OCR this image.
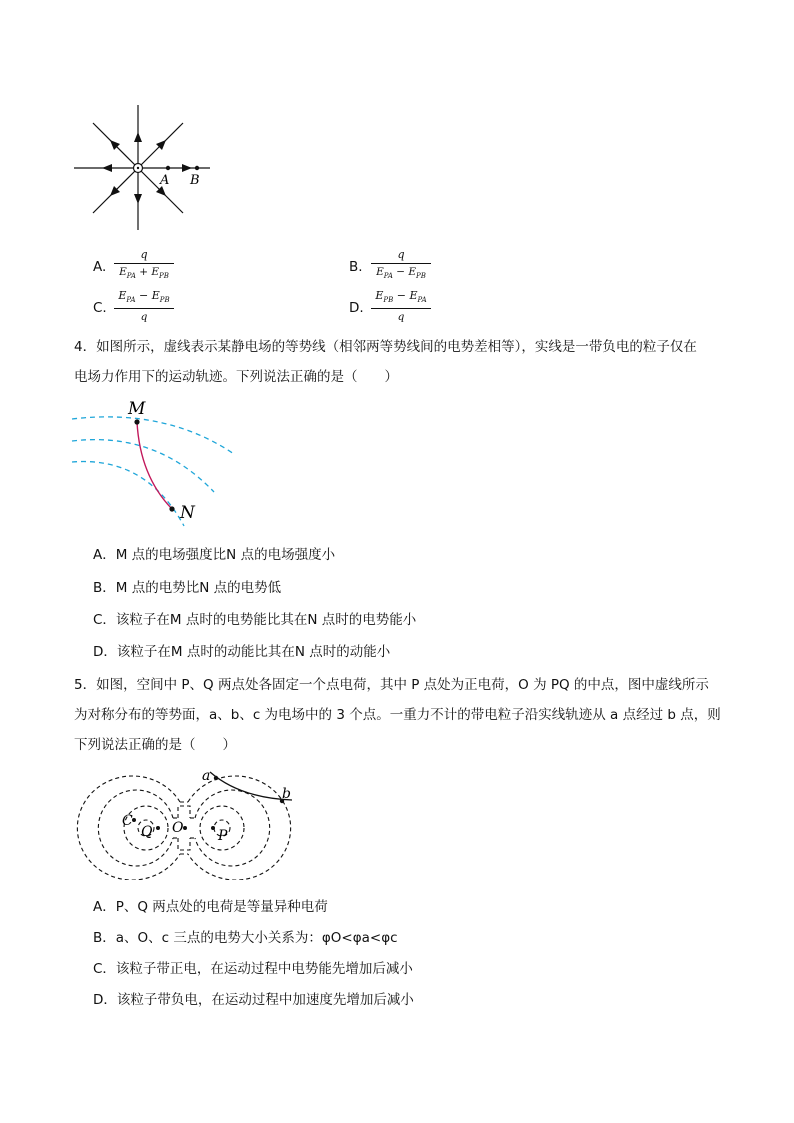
A B
A.
q
$E_{PA} + E_{PB}$
B.
q
$E_{PA} - E_{PB}$
C.
$E_{PA} - E_{PB}$
q
D.
$E_{PB} - E_{PA}$
q
4．如图所示，虚线表示某静电场的等势线（相邻两等势线间的电势差相等），实线是一带负电的粒子仅在
电场力作用下的运动轨迹。下列说法正确的是（　　）
M
N
A．M 点的电场强度比N 点的电场强度小
B．M 点的电势比N 点的电势低
C．该粒子在M 点时的电势能比其在N 点时的电势能小
D．该粒子在M 点时的动能比其在N 点时的动能小
5．如图，空间中 P、Q 两点处各固定一个点电荷，其中 P 点处为正电荷，O 为 PQ 的中点，图中虚线所示
为对称分布的等势面，a、b、c 为电场中的 3 个点。一重力不计的带电粒子沿实线轨迹从 a 点经过 b 点，则
下列说法正确的是（　　）
a
b
C
Q O P
A．P、Q 两点处的电荷是等量异种电荷
B．a、O、c 三点的电势大小关系为：φO<φa<φc
C．该粒子带正电，在运动过程中电势能先增加后减小
D．该粒子带负电，在运动过程中加速度先增加后减小
